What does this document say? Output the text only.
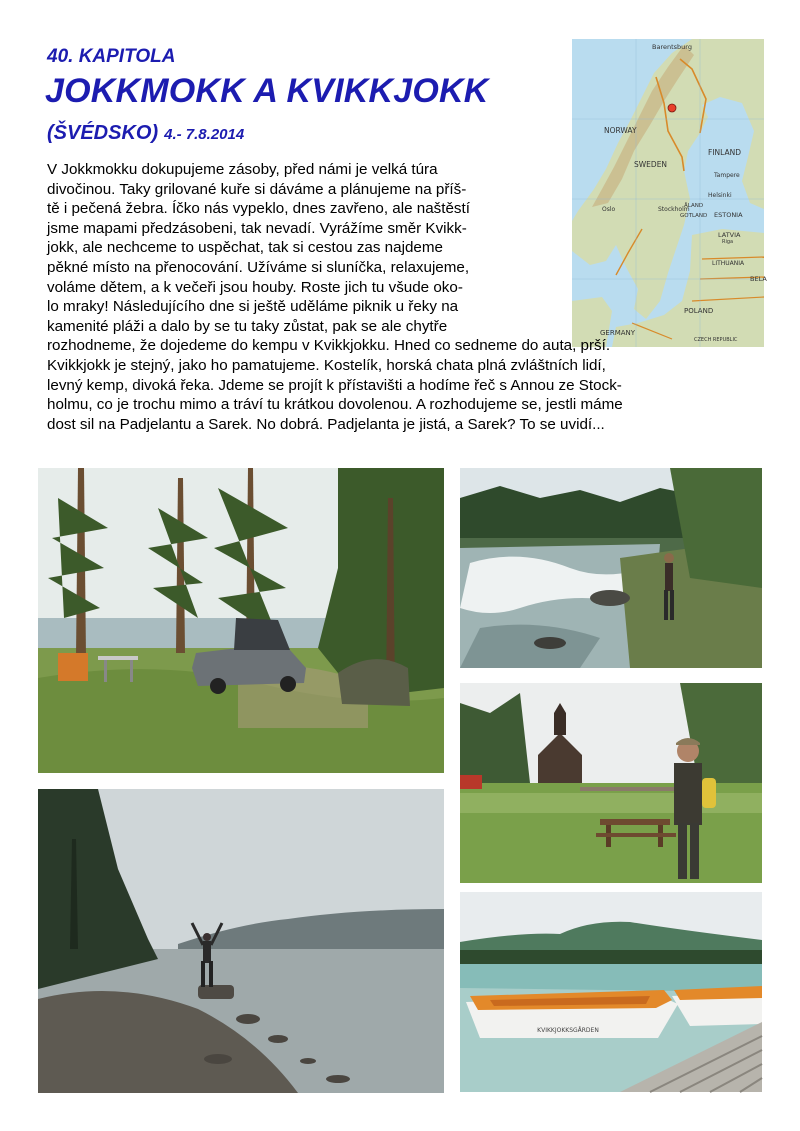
40. KAPITOLA
JOKKMOKK A KVIKKJOKK
(ŠVÉDSKO) 4.- 7.8.2014
Barentsburg
NORWAY
SWEDEN
FINLAND
Tampere
Helsinki
ÅLAND
GOTLAND
Stockholm
Oslo
ESTONIA
LATVIA
Riga
LITHUANIA
BELA
POLAND
GERMANY
CZECH REPUBLIC
V Jokkmokku dokupujeme zásoby, před námi je velká túra
divočinou. Taky grilované kuře si dáváme a plánujeme na příš-
tě i pečená žebra. Íčko nás vypeklo, dnes zavřeno, ale naštěstí
jsme mapami předzásobeni, tak nevadí. Vyrážíme směr Kvikk-
jokk, ale nechceme to uspěchat, tak si cestou zas najdeme
pěkné místo na přenocování. Užíváme si sluníčka, relaxujeme,
voláme dětem, a k večeři jsou houby. Roste jich tu všude oko-
lo mraky! Následujícího dne si ještě uděláme piknik u řeky na
kamenité pláži a dalo by se tu taky zůstat, pak se ale chytře
rozhodneme, že dojedeme do kempu v Kvikkjokku. Hned co sedneme do auta, prší.
Kvikkjokk je stejný, jako ho pamatujeme. Kostelík, horská chata plná zvláštních lidí,
levný kemp, divoká řeka. Jdeme se projít k přístavišti a hodíme řeč s Annou ze Stock-
holmu, co je trochu mimo a tráví tu krátkou dovolenou. A rozhodujeme se, jestli máme
dost sil na Padjelantu a Sarek. No dobrá. Padjelanta je jistá, a Sarek? To se uvidí...
KVIKKJOKKSGÅRDEN
